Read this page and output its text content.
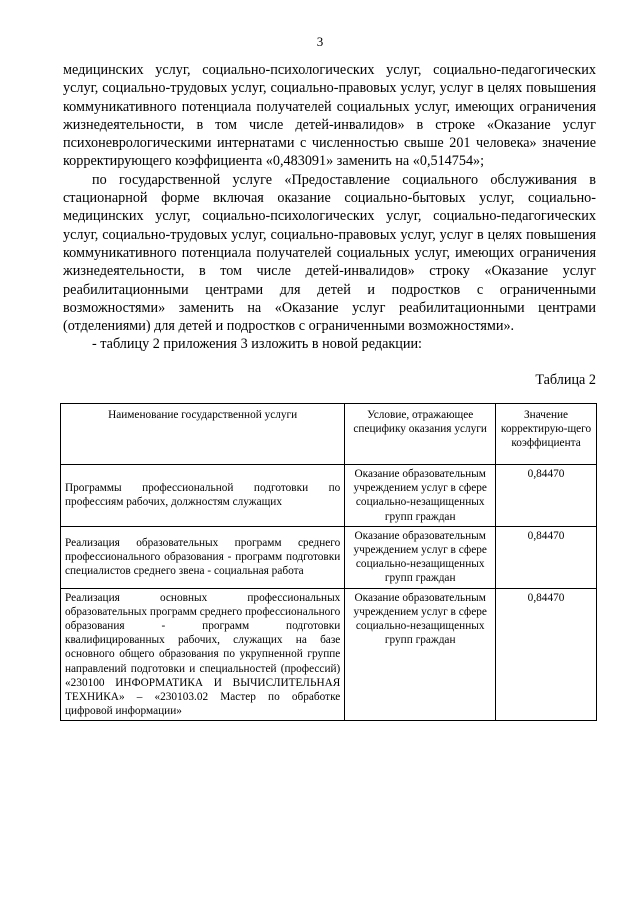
3

медицинских услуг, социально-психологических услуг, социально-педагогических услуг, социально-трудовых услуг, социально-правовых услуг, услуг в целях повышения коммуникативного потенциала получателей социальных услуг, имеющих ограничения жизнедеятельности, в том числе детей-инвалидов» в строке «Оказание услуг психоневрологическими интернатами с численностью свыше 201 человека» значение корректирующего коэффициента «0,483091» заменить на «0,514754»;

по государственной услуге «Предоставление социального обслуживания в стационарной форме включая оказание социально-бытовых услуг, социально-медицинских услуг, социально-психологических услуг, социально-педагогических услуг, социально-трудовых услуг, социально-правовых услуг, услуг в целях повышения коммуникативного потенциала получателей социальных услуг, имеющих ограничения жизнедеятельности, в том числе детей-инвалидов» строку «Оказание услуг реабилитационными центрами для детей и подростков с ограниченными возможностями» заменить на «Оказание услуг реабилитационными центрами (отделениями) для детей и подростков с ограниченными возможностями».

- таблицу 2 приложения 3 изложить в новой редакции:

Таблица 2
Наименование государственной услуги	Условие, отражающее специфику оказания услуги	Значение корректирую-щего коэффициента
Программы профессиональной подготовки по профессиям рабочих, должностям служащих	Оказание образовательным учреждением услуг в сфере социально-незащищенных групп граждан	0,84470
Реализация образовательных программ среднего профессионального образования - программ подготовки специалистов среднего звена - социальная работа	Оказание образовательным учреждением услуг в сфере социально-незащищенных групп граждан	0,84470
Реализация основных профессиональных образовательных программ среднего профессионального образования - программ подготовки квалифицированных рабочих, служащих на базе основного общего образования по укрупненной группе направлений подготовки и специальностей (профессий) «230100 ИНФОРМАТИКА И ВЫЧИСЛИТЕЛЬНАЯ ТЕХНИКА» – «230103.02 Мастер по обработке цифровой информации»	Оказание образовательным учреждением услуг в сфере социально-незащищенных групп граждан	0,84470
